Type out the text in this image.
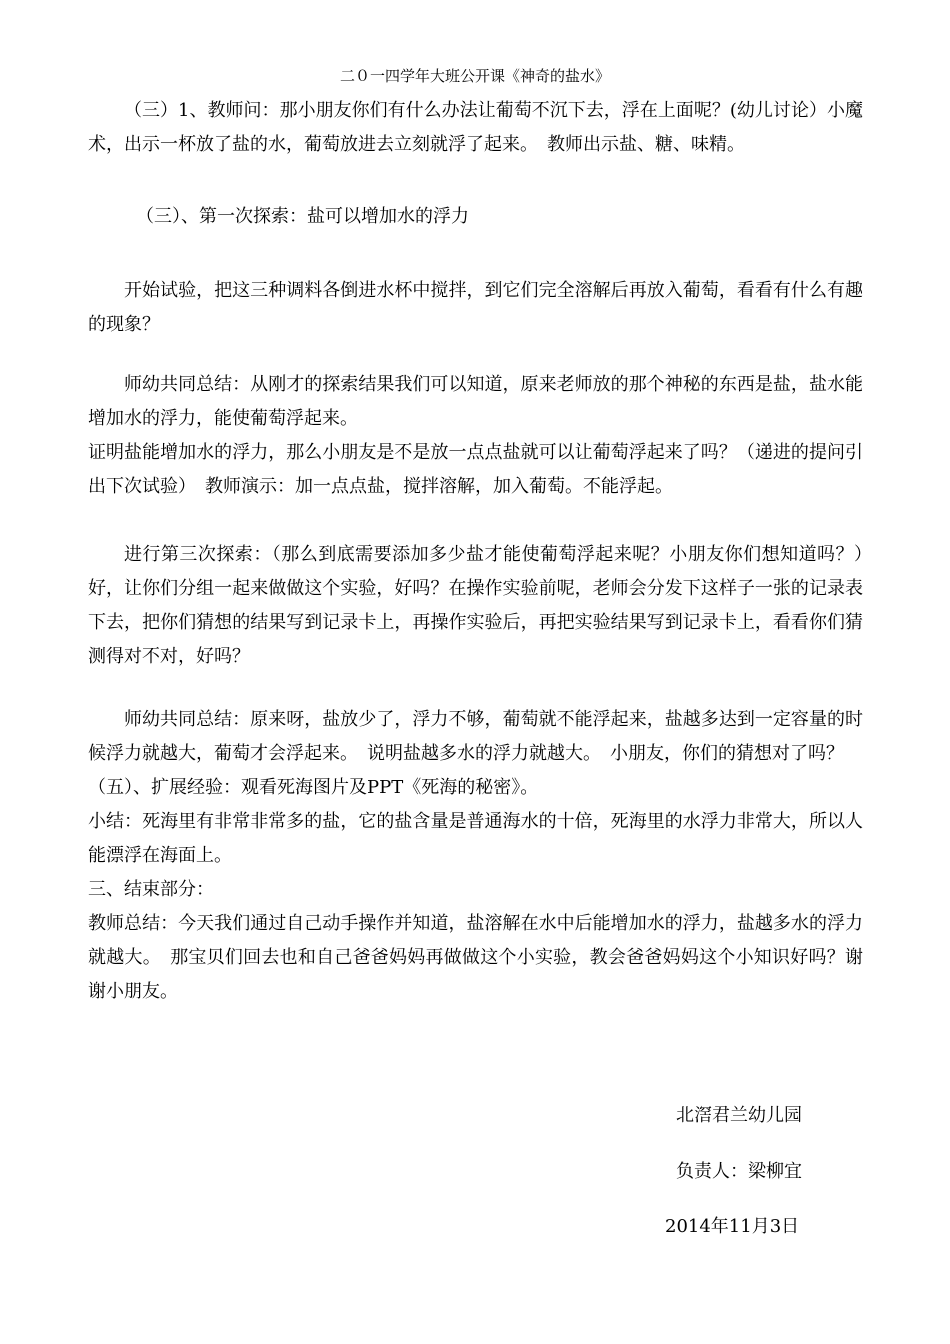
二０一四学年大班公开课《神奇的盐水》

（三）1、教师问：那小朋友你们有什么办法让葡萄不沉下去，浮在上面呢？(幼儿讨论）小魔术，出示一杯放了盐的水，葡萄放进去立刻就浮了起来。　教师出示盐、糖、味精。

（三）、第一次探索：盐可以增加水的浮力

开始试验，把这三种调料各倒进水杯中搅拌，到它们完全溶解后再放入葡萄，看看有什么有趣的现象？

师幼共同总结：从刚才的探索结果我们可以知道，原来老师放的那个神秘的东西是盐，盐水能增加水的浮力，能使葡萄浮起来。

证明盐能增加水的浮力，那么小朋友是不是放一点点盐就可以让葡萄浮起来了吗？（递进的提问引出下次试验）　教师演示：加一点点盐，搅拌溶解，加入葡萄。不能浮起。

进行第三次探索：（那么到底需要添加多少盐才能使葡萄浮起来呢？小朋友你们想知道吗？）　好，让你们分组一起来做做这个实验，好吗？在操作实验前呢，老师会分发下这样子一张的记录表下去，把你们猜想的结果写到记录卡上，再操作实验后，再把实验结果写到记录卡上，看看你们猜测得对不对，好吗？

师幼共同总结：原来呀，盐放少了，浮力不够，葡萄就不能浮起来，盐越多达到一定容量的时候浮力就越大，葡萄才会浮起来。　说明盐越多水的浮力就越大。　小朋友，你们的猜想对了吗？

（五）、扩展经验：观看死海图片及PPT《死海的秘密》。

小结：死海里有非常非常多的盐，它的盐含量是普通海水的十倍，死海里的水浮力非常大，所以人能漂浮在海面上。

三、结束部分：

教师总结：今天我们通过自己动手操作并知道，盐溶解在水中后能增加水的浮力，盐越多水的浮力就越大。　那宝贝们回去也和自己爸爸妈妈再做做这个小实验，教会爸爸妈妈这个小知识好吗？谢谢小朋友。

北滘君兰幼儿园
负责人：梁柳宜
2014年11月3日
